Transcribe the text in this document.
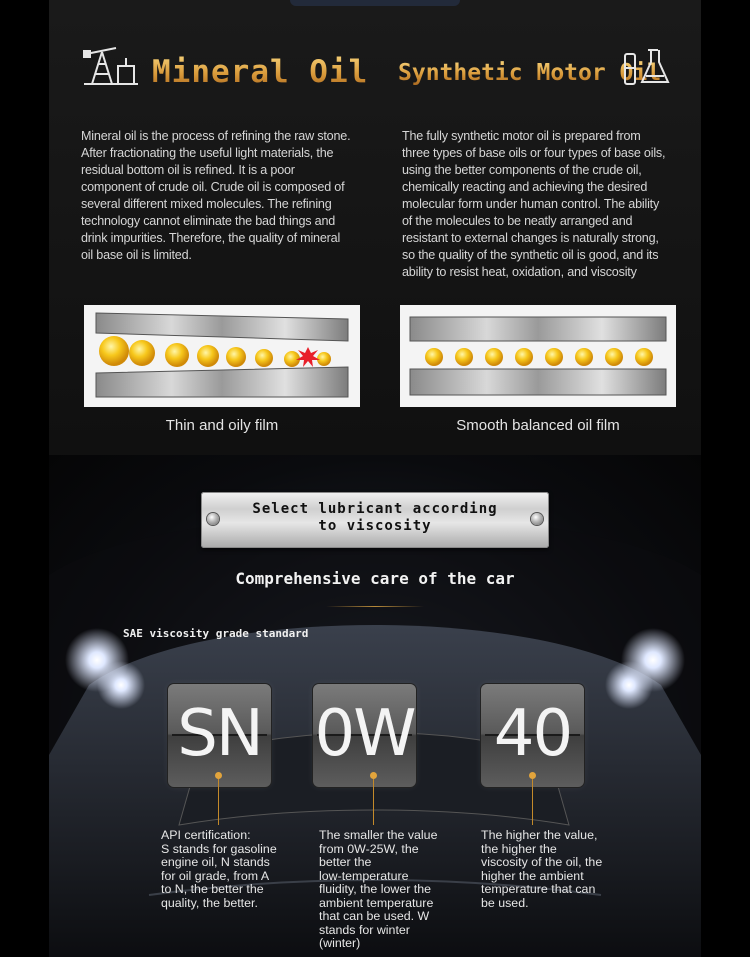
Mineral Oil Synthetic Motor Oil
Mineral oil is the process of refining the raw stone.
After fractionating the useful light materials, the
residual bottom oil is refined. It is a poor
component of crude oil. Crude oil is composed of
several different mixed molecules. The refining
technology cannot eliminate the bad things and
drink impurities. Therefore, the quality of mineral
oil base oil is limited.
The fully synthetic motor oil is prepared from
three types of base oils or four types of base oils,
using the better components of the crude oil,
chemically reacting and achieving the desired
molecular form under human control. The ability
of the molecules to be neatly arranged and
resistant to external changes is naturally strong,
so the quality of the synthetic oil is good, and its
ability to resist heat, oxidation, and viscosity
Thin and oily film	Smooth balanced oil film
Select lubricant according
to viscosity
Comprehensive care of the car
SAE viscosity grade standard
SN 0W 40
API certification:
S stands for gasoline
engine oil, N stands
for oil grade, from A
to N, the better the
quality, the better.
The smaller the value
from 0W-25W, the
better the
low-temperature
fluidity, the lower the
ambient temperature
that can be used. W
stands for winter
(winter)
The higher the value,
the higher the
viscosity of the oil, the
higher the ambient
temperature that can
be used.
